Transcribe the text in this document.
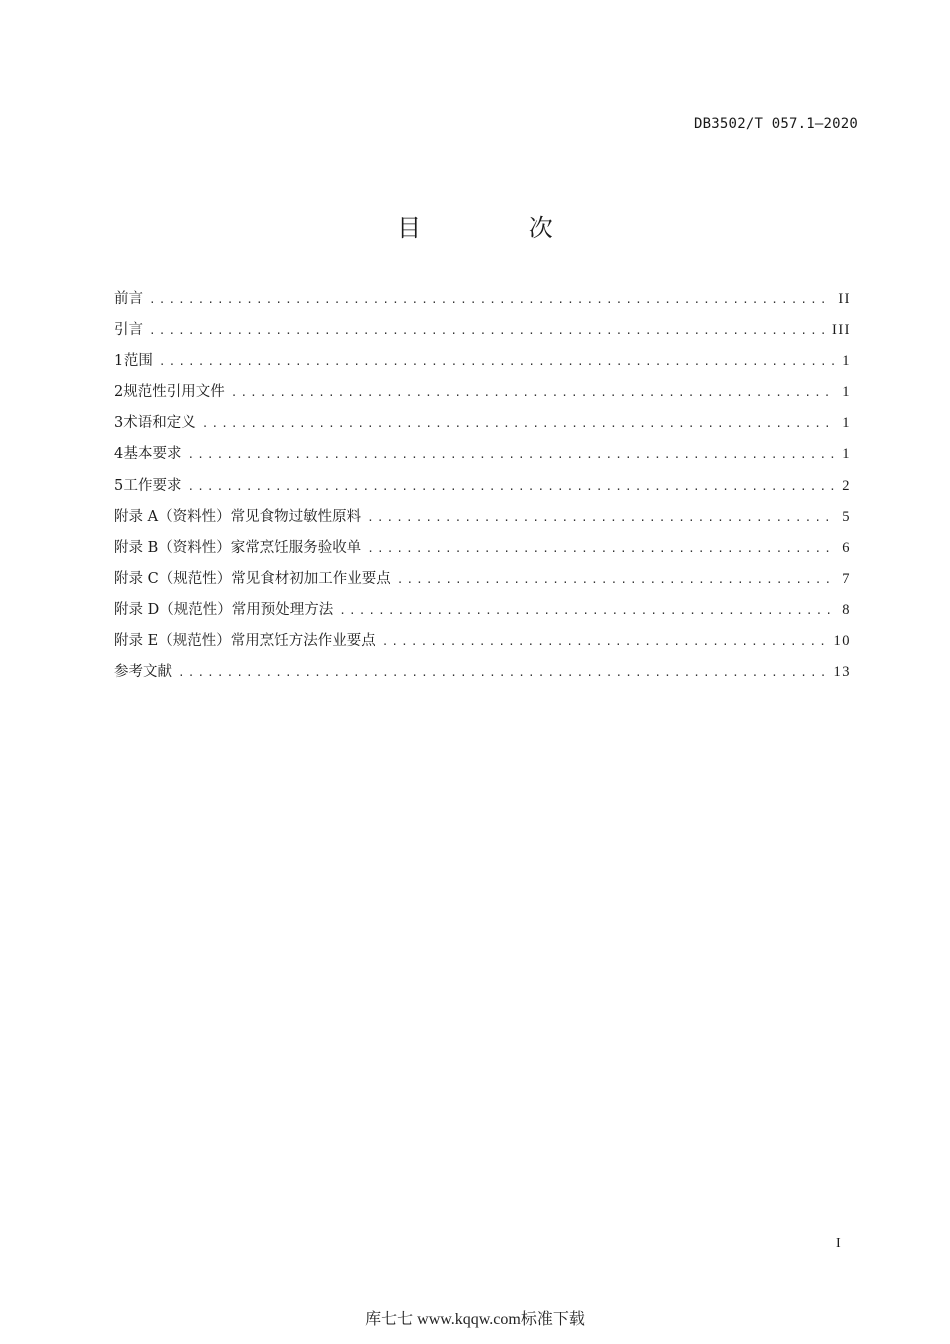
DB3502/T 057.1—2020
目 次
前言 .....	II
引言 .....	III
1 范围 .....	1
2 规范性引用文件 .....	1
3 术语和定义 .....	1
4 基本要求 .....	1
5 工作要求 .....	2
附录 A （资料性） 常见食物过敏性原料 .....	5
附录 B （资料性） 家常烹饪服务验收单 .....	6
附录 C （规范性） 常见食材初加工作业要点 .....	7
附录 D （规范性） 常用预处理方法 .....	8
附录 E （规范性） 常用烹饪方法作业要点 .....	10
参考文献 .....	13
I
库七七 www.kqqw.com标准下载
